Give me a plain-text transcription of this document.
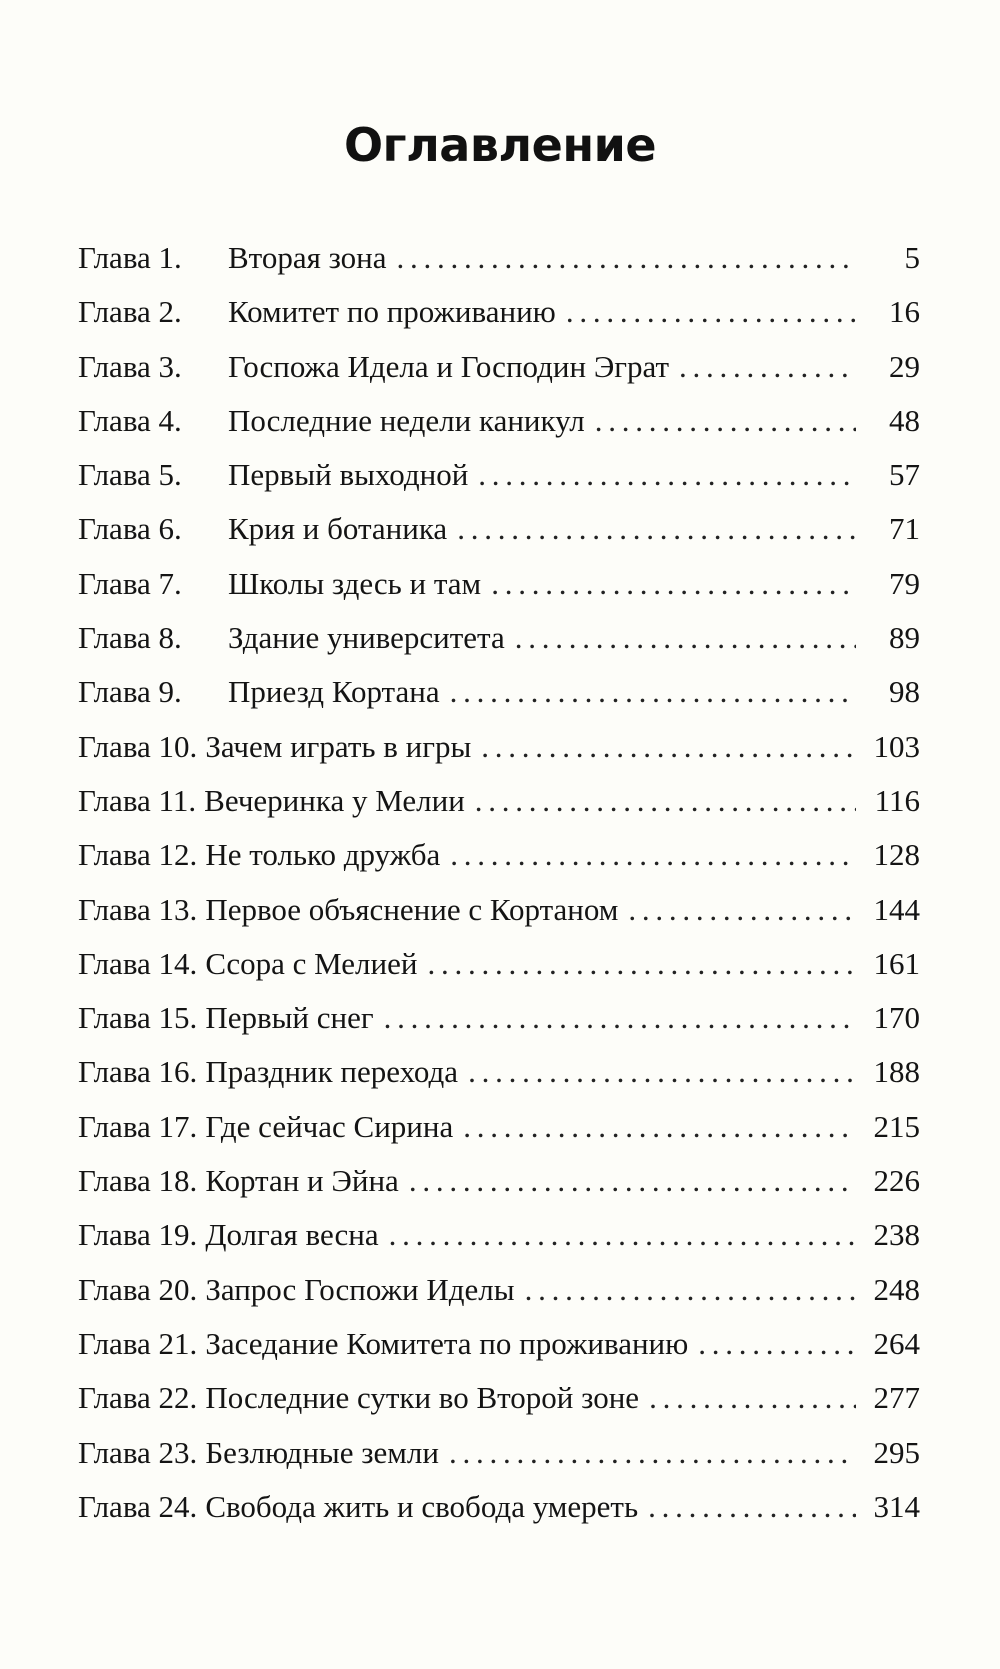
Оглавление
Глава 1.	Вторая зона . . .	5
Глава 2.	Комитет по проживанию . . .	16
Глава 3.	Госпожа Идела и Господин Эграт . . .	29
Глава 4.	Последние недели каникул . . .	48
Глава 5.	Первый выходной . . .	57
Глава 6.	Крия и ботаника . . .	71
Глава 7.	Школы здесь и там . . .	79
Глава 8.	Здание университета . . .	89
Глава 9.	Приезд Кортана . . .	98
Глава 10. Зачем играть в игры . . .	103
Глава 11. Вечеринка у Мелии . . .	116
Глава 12. Не только дружба . . .	128
Глава 13. Первое объяснение с Кортаном . . .	144
Глава 14. Ссора с Мелией . . .	161
Глава 15. Первый снег . . .	170
Глава 16. Праздник перехода . . .	188
Глава 17. Где сейчас Сирина . . .	215
Глава 18. Кортан и Эйна . . .	226
Глава 19. Долгая весна . . .	238
Глава 20. Запрос Госпожи Иделы . . .	248
Глава 21. Заседание Комитета по проживанию . . .	264
Глава 22. Последние сутки во Второй зоне . . .	277
Глава 23. Безлюдные земли . . .	295
Глава 24. Свобода жить и свобода умереть . . .	314
